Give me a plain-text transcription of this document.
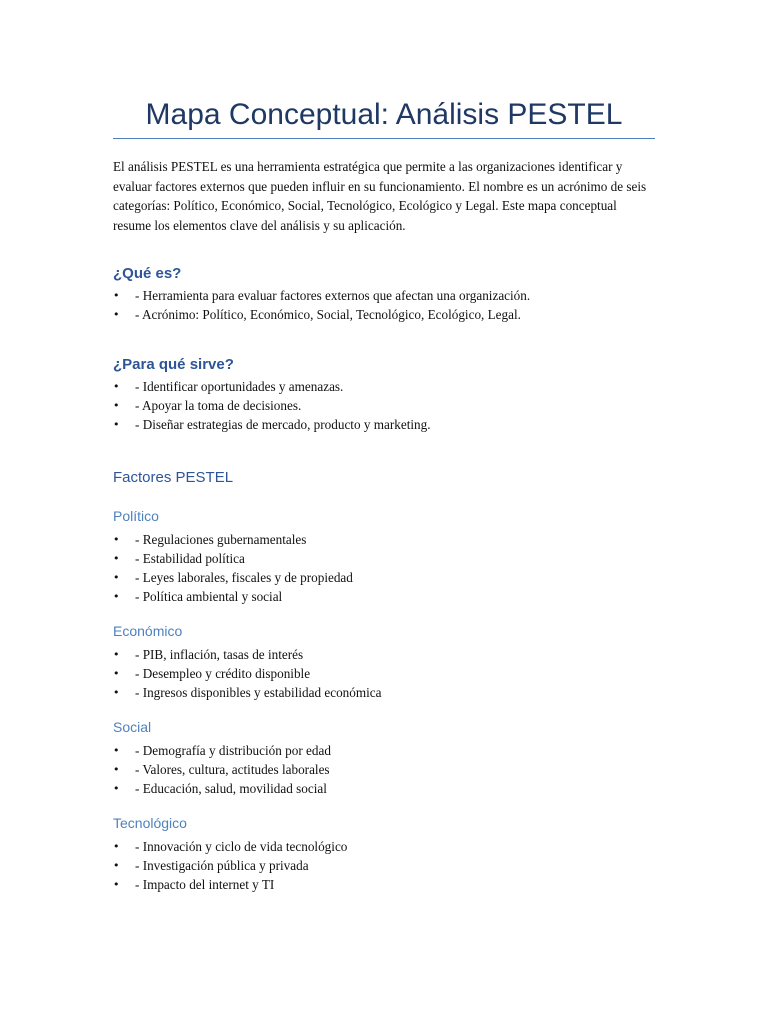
Mapa Conceptual: Análisis PESTEL

El análisis PESTEL es una herramienta estratégica que permite a las organizaciones identificar y evaluar factores externos que pueden influir en su funcionamiento. El nombre es un acrónimo de seis categorías: Político, Económico, Social, Tecnológico, Ecológico y Legal. Este mapa conceptual resume los elementos clave del análisis y su aplicación.

¿Qué es?
• - Herramienta para evaluar factores externos que afectan una organización.
• - Acrónimo: Político, Económico, Social, Tecnológico, Ecológico, Legal.
¿Para qué sirve?
• - Identificar oportunidades y amenazas.
• - Apoyar la toma de decisiones.
• - Diseñar estrategias de mercado, producto y marketing.
Factores PESTEL
Político
• - Regulaciones gubernamentales
• - Estabilidad política
• - Leyes laborales, fiscales y de propiedad
• - Política ambiental y social
Económico
• - PIB, inflación, tasas de interés
• - Desempleo y crédito disponible
• - Ingresos disponibles y estabilidad económica
Social
• - Demografía y distribución por edad
• - Valores, cultura, actitudes laborales
• - Educación, salud, movilidad social
Tecnológico
• - Innovación y ciclo de vida tecnológico
• - Investigación pública y privada
• - Impacto del internet y TI
